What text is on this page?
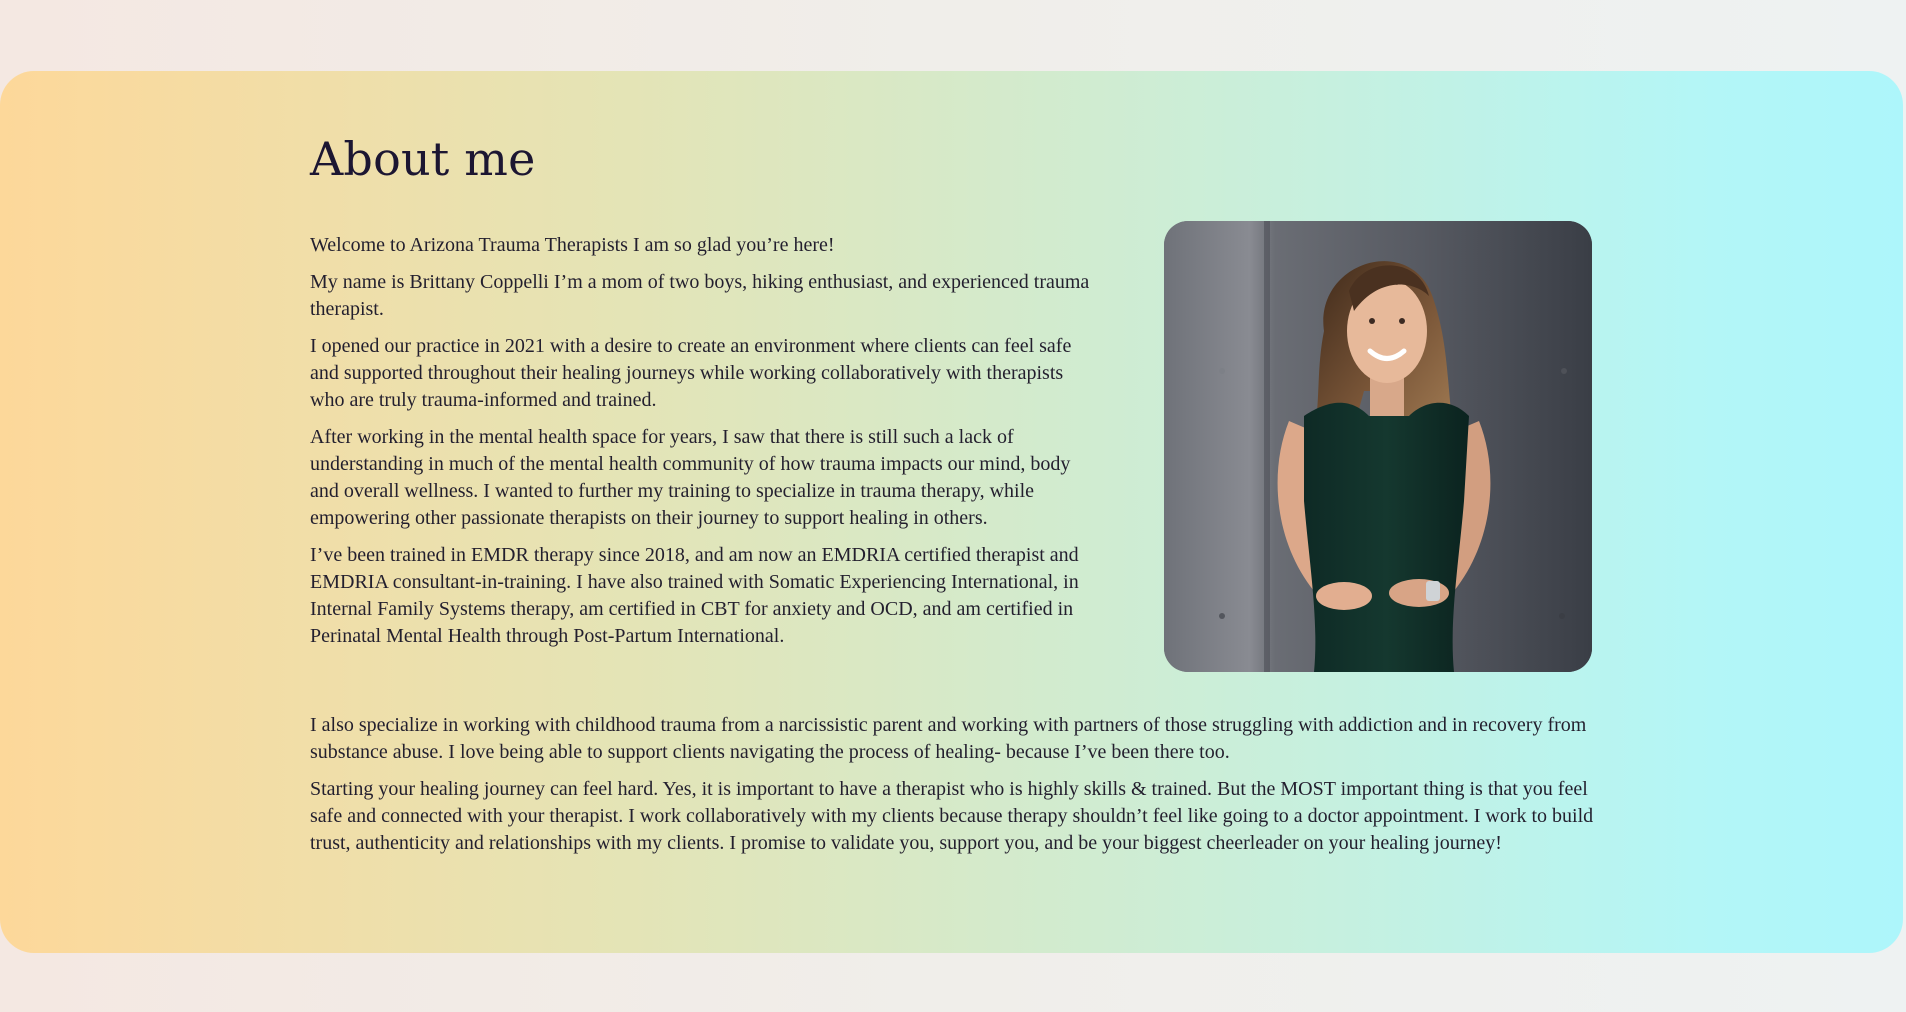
About me

Welcome to Arizona Trauma Therapists I am so glad you’re here!

My name is Brittany Coppelli I’m a mom of two boys, hiking enthusiast, and experienced trauma therapist.

I opened our practice in 2021 with a desire to create an environment where clients can feel safe and supported throughout their healing journeys while working collaboratively with therapists who are truly trauma-informed and trained.

After working in the mental health space for years, I saw that there is still such a lack of understanding in much of the mental health community of how trauma impacts our mind, body and overall wellness. I wanted to further my training to specialize in trauma therapy, while empowering other passionate therapists on their journey to support healing in others.

I’ve been trained in EMDR therapy since 2018, and am now an EMDRIA certified therapist and EMDRIA consultant-in-training. I have also trained with Somatic Experiencing International, in Internal Family Systems therapy, am certified in CBT for anxiety and OCD, and am certified in Perinatal Mental Health through Post-Partum International.

I also specialize in working with childhood trauma from a narcissistic parent and working with partners of those struggling with addiction and in recovery from substance abuse. I love being able to support clients navigating the process of healing- because I’ve been there too.

Starting your healing journey can feel hard. Yes, it is important to have a therapist who is highly skills & trained. But the MOST important thing is that you feel safe and connected with your therapist. I work collaboratively with my clients because therapy shouldn’t feel like going to a doctor appointment. I work to build trust, authenticity and relationships with my clients. I promise to validate you, support you, and be your biggest cheerleader on your healing journey!
